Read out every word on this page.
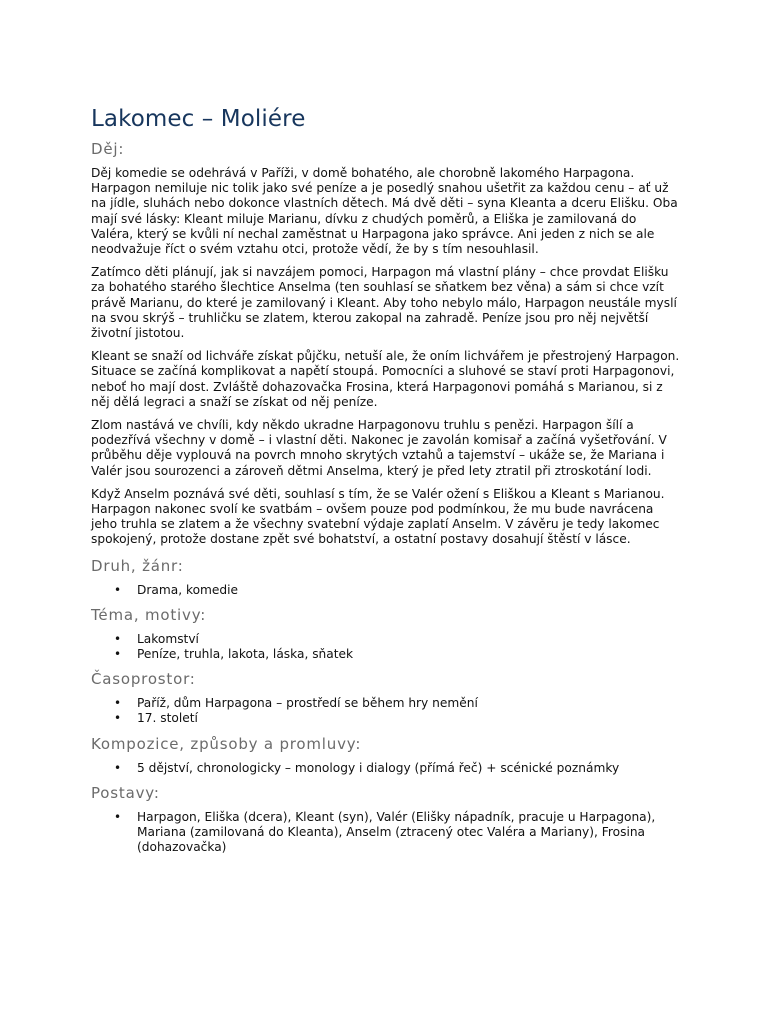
Lakomec – Moliére
Děj:

Děj komedie se odehrává v Paříži, v domě bohatého, ale chorobně lakomého Harpagona. Harpagon nemiluje nic tolik jako své peníze a je posedlý snahou ušetřit za každou cenu – ať už na jídle, sluhách nebo dokonce vlastních dětech. Má dvě děti – syna Kleanta a dceru Elišku. Oba mají své lásky: Kleant miluje Marianu, dívku z chudých poměrů, a Eliška je zamilovaná do Valéra, který se kvůli ní nechal zaměstnat u Harpagona jako správce. Ani jeden z nich se ale neodvažuje říct o svém vztahu otci, protože vědí, že by s tím nesouhlasil.

Zatímco děti plánují, jak si navzájem pomoci, Harpagon má vlastní plány – chce provdat Elišku za bohatého starého šlechtice Anselma (ten souhlasí se sňatkem bez věna) a sám si chce vzít právě Marianu, do které je zamilovaný i Kleant. Aby toho nebylo málo, Harpagon neustále myslí na svou skrýš – truhličku se zlatem, kterou zakopal na zahradě. Peníze jsou pro něj největší životní jistotou.

Kleant se snaží od lichváře získat půjčku, netuší ale, že oním lichvářem je přestrojený Harpagon. Situace se začíná komplikovat a napětí stoupá. Pomocníci a sluhové se staví proti Harpagonovi, neboť ho mají dost. Zvláště dohazovačka Frosina, která Harpagonovi pomáhá s Marianou, si z něj dělá legraci a snaží se získat od něj peníze.

Zlom nastává ve chvíli, kdy někdo ukradne Harpagonovu truhlu s penězi. Harpagon šílí a podezřívá všechny v domě – i vlastní děti. Nakonec je zavolán komisař a začíná vyšetřování. V průběhu děje vyplouvá na povrch mnoho skrytých vztahů a tajemství – ukáže se, že Mariana i Valér jsou sourozenci a zároveň dětmi Anselma, který je před lety ztratil při ztroskotání lodi.

Když Anselm poznává své děti, souhlasí s tím, že se Valér ožení s Eliškou a Kleant s Marianou. Harpagon nakonec svolí ke svatbám – ovšem pouze pod podmínkou, že mu bude navrácena jeho truhla se zlatem a že všechny svatební výdaje zaplatí Anselm. V závěru je tedy lakomec spokojený, protože dostane zpět své bohatství, a ostatní postavy dosahují štěstí v lásce.

Druh, žánr:
• Drama, komedie
Téma, motivy:
• Lakomství
• Peníze, truhla, lakota, láska, sňatek
Časoprostor:
• Paříž, dům Harpagona – prostředí se během hry nemění
• 17. století
Kompozice, způsoby a promluvy:
• 5 dějství, chronologicky – monology i dialogy (přímá řeč) + scénické poznámky
Postavy:
• Harpagon, Eliška (dcera), Kleant (syn), Valér (Elišky nápadník, pracuje u Harpagona), Mariana (zamilovaná do Kleanta), Anselm (ztracený otec Valéra a Mariany), Frosina (dohazovačka)
